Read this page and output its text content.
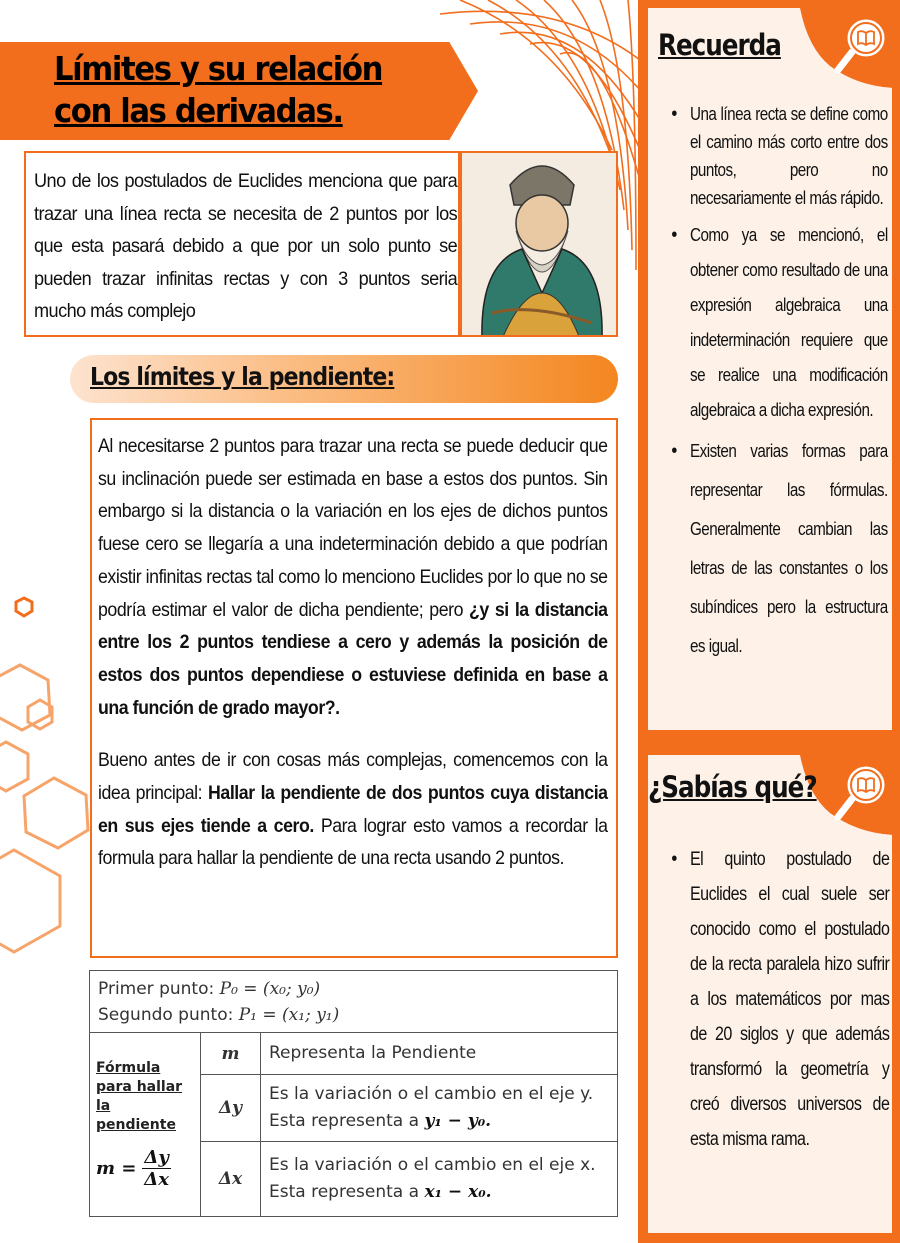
Límites y su relación con las derivadas.

Uno de los postulados de Euclides menciona que para trazar una línea recta se necesita de 2 puntos por los que esta pasará debido a que por un solo punto se pueden trazar infinitas rectas y con 3 puntos seria mucho más complejo

Los límites y la pendiente:

Al necesitarse 2 puntos para trazar una recta se puede deducir que su inclinación puede ser estimada en base a estos dos puntos. Sin embargo si la distancia o la variación en los ejes de dichos puntos fuese cero se llegaría a una indeterminación debido a que podrían existir infinitas rectas tal como lo menciono Euclides por lo que no se podría estimar el valor de dicha pendiente; pero ¿y si la distancia entre los 2 puntos tendiese a cero y además la posición de estos dos puntos dependiese o estuviese definida en base a una función de grado mayor?.

Bueno antes de ir con cosas más complejas, comencemos con la idea principal: Hallar la pendiente de dos puntos cuya distancia en sus ejes tiende a cero. Para lograr esto vamos a recordar la formula para hallar la pendiente de una recta usando 2 puntos.

Primer punto: P₀ = (x₀; y₀)
Segundo punto: P₁ = (x₁; y₁)		

Fórmula para hallar la pendiente
$m = \frac{\Delta y}{\Delta x}$	m	Representa la Pendiente
	Δy	Es la variación o el cambio en el eje y.
Esta representa a y₁ − y₀.

	Δx	Es la variación o el cambio en el eje x.
Esta representa a x₁ − x₀.
Recuerda
• Una línea recta se define como el camino más corto entre dos puntos, pero no necesariamente el más rápido.
• Como ya se mencionó, el obtener como resultado de una expresión algebraica una indeterminación requiere que se realice una modificación algebraica a dicha expresión.
• Existen varias formas para representar las fórmulas. Generalmente cambian las letras de las constantes o los subíndices pero la estructura es igual.
¿Sabías qué?
• El quinto postulado de Euclides el cual suele ser conocido como el postulado de la recta paralela hizo sufrir a los matemáticos por mas de 20 siglos y que además transformó la geometría y creó diversos universos de esta misma rama.
